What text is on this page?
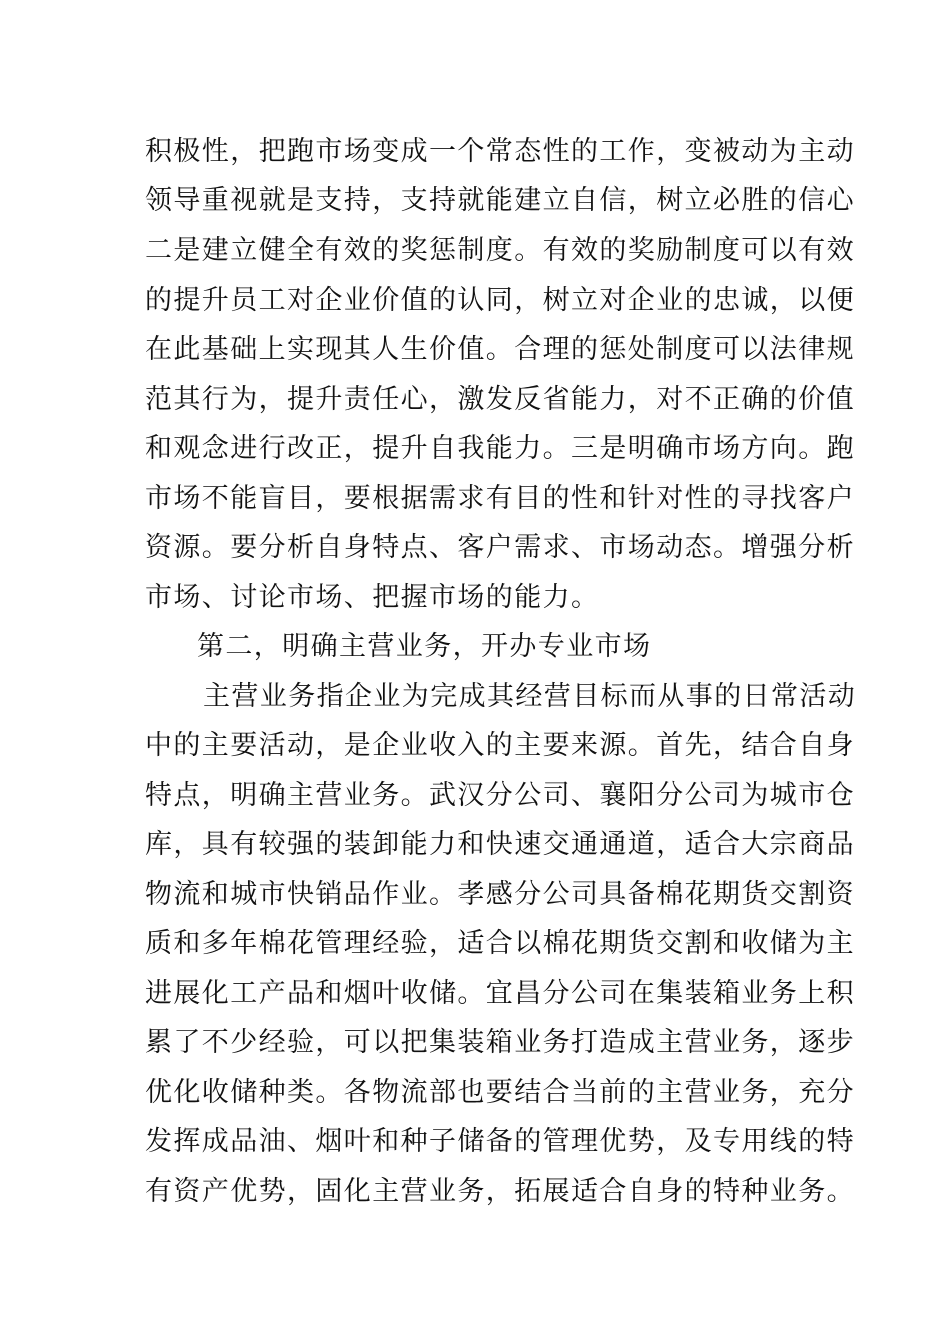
积极性，把跑市场变成一个常态性的工作，变被动为主动
领导重视就是支持，支持就能建立自信，树立必胜的信心
二是建立健全有效的奖惩制度。有效的奖励制度可以有效
的提升员工对企业价值的认同，树立对企业的忠诚，以便
在此基础上实现其人生价值。合理的惩处制度可以法律规
范其行为，提升责任心，激发反省能力，对不正确的价值
和观念进行改正，提升自我能力。三是明确市场方向。跑
市场不能盲目，要根据需求有目的性和针对性的寻找客户
资源。要分析自身特点、客户需求、市场动态。增强分析
市场、讨论市场、把握市场的能力。
第二，明确主营业务，开办专业市场
主营业务指企业为完成其经营目标而从事的日常活动
中的主要活动，是企业收入的主要来源。首先，结合自身
特点，明确主营业务。武汉分公司、襄阳分公司为城市仓
库，具有较强的装卸能力和快速交通通道，适合大宗商品
物流和城市快销品作业。孝感分公司具备棉花期货交割资
质和多年棉花管理经验，适合以棉花期货交割和收储为主
进展化工产品和烟叶收储。宜昌分公司在集装箱业务上积
累了不少经验，可以把集装箱业务打造成主营业务，逐步
优化收储种类。各物流部也要结合当前的主营业务，充分
发挥成品油、烟叶和种子储备的管理优势，及专用线的特
有资产优势，固化主营业务，拓展适合自身的特种业务。
